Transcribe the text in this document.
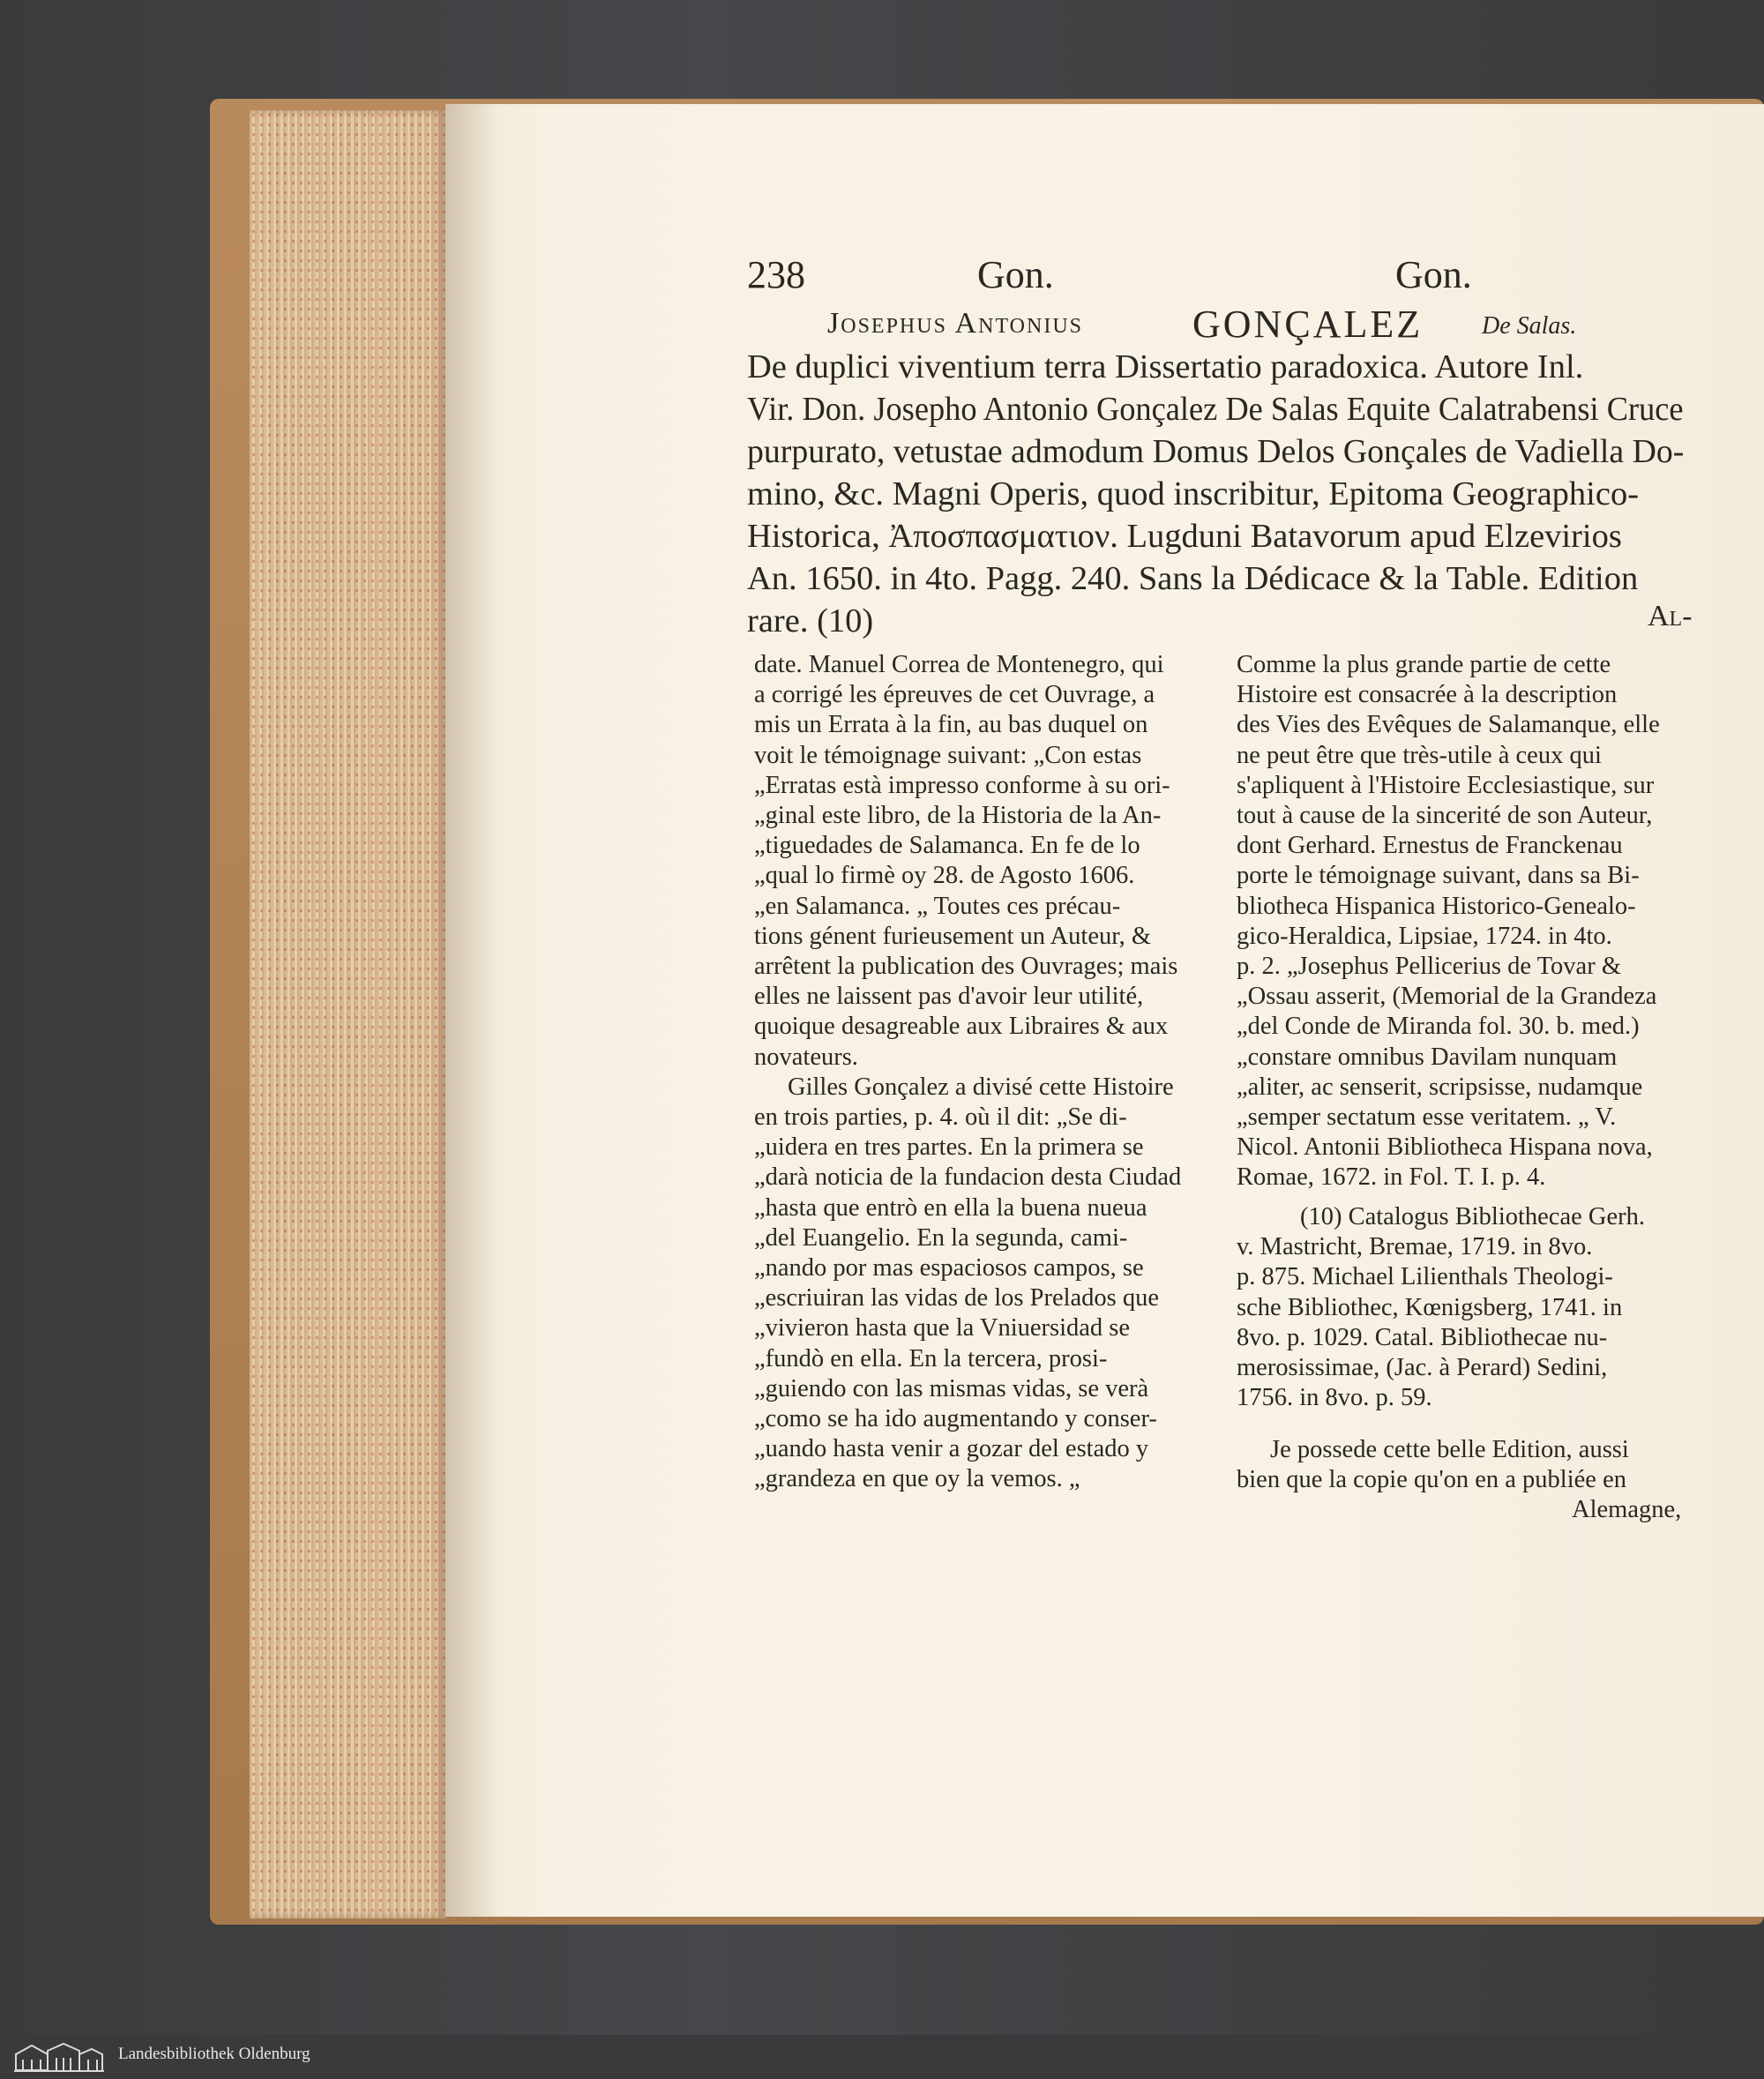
238	Gon.	Gon.
Josephus Antonius	GONÇALEZ De Salas.
De duplici viventium terra Dissertatio paradoxica. Autore Inl.
Vir. Don. Josepho Antonio Gonçalez De Salas Equite Calatrabensi Cruce
purpurato, vetustae admodum Domus Delos Gonçales de Vadiella Do-
mino, &c. Magni Operis, quod inscribitur, Epitoma Geographico-
Historica, Ἀποσπασματιον. Lugduni Batavorum apud Elzevirios
An. 1650. in 4to. Pagg. 240. Sans la Dédicace & la Table. Edition
rare. (10)	Al-
date. Manuel Correa de Montenegro, qui
a corrigé les épreuves de cet Ouvrage, a
mis un Errata à la fin, au bas duquel on
voit le témoignage suivant: „Con estas
„Erratas està impresso conforme à su ori-
„ginal este libro, de la Historia de la An-
„tiguedades de Salamanca. En fe de lo
„qual lo firmè oy 28. de Agosto 1606.
„en Salamanca. „ Toutes ces précau-
tions génent furieusement un Auteur, &
arrêtent la publication des Ouvrages; mais
elles ne laissent pas d'avoir leur utilité,
quoique desagreable aux Libraires & aux
novateurs.
Gilles Gonçalez a divisé cette Histoire
en trois parties, p. 4. où il dit: „Se di-
„uidera en tres partes. En la primera se
„darà noticia de la fundacion desta Ciudad
„hasta que entrò en ella la buena nueua
„del Euangelio. En la segunda, cami-
„nando por mas espaciosos campos, se
„escriuiran las vidas de los Prelados que
„vivieron hasta que la Vniuersidad se
„fundò en ella. En la tercera, prosi-
„guiendo con las mismas vidas, se verà
„como se ha ido augmentando y conser-
„uando hasta venir a gozar del estado y
„grandeza en que oy la vemos. „
Comme la plus grande partie de cette
Histoire est consacrée à la description
des Vies des Evêques de Salamanque, elle
ne peut être que très-utile à ceux qui
s'apliquent à l'Histoire Ecclesiastique, sur
tout à cause de la sincerité de son Auteur,
dont Gerhard. Ernestus de Franckenau
porte le témoignage suivant, dans sa Bi-
bliotheca Hispanica Historico-Genealo-
gico-Heraldica, Lipsiae, 1724. in 4to.
p. 2. „Josephus Pellicerius de Tovar &
„Ossau asserit, (Memorial de la Grandeza
„del Conde de Miranda fol. 30. b. med.)
„constare omnibus Davilam nunquam
„aliter, ac senserit, scripsisse, nudamque
„semper sectatum esse veritatem. „ V.
Nicol. Antonii Bibliotheca Hispana nova,
Romae, 1672. in Fol. T. I. p. 4.
(10) Catalogus Bibliothecae Gerh.
v. Mastricht, Bremae, 1719. in 8vo.
p. 875. Michael Lilienthals Theologi-
sche Bibliothec, Kœnigsberg, 1741. in
8vo. p. 1029. Catal. Bibliothecae nu-
merosissimae, (Jac. à Perard) Sedini,
1756. in 8vo. p. 59.
Je possede cette belle Edition, aussi
bien que la copie qu'on en a publiée en
Alemagne,
Landesbibliothek Oldenburg
